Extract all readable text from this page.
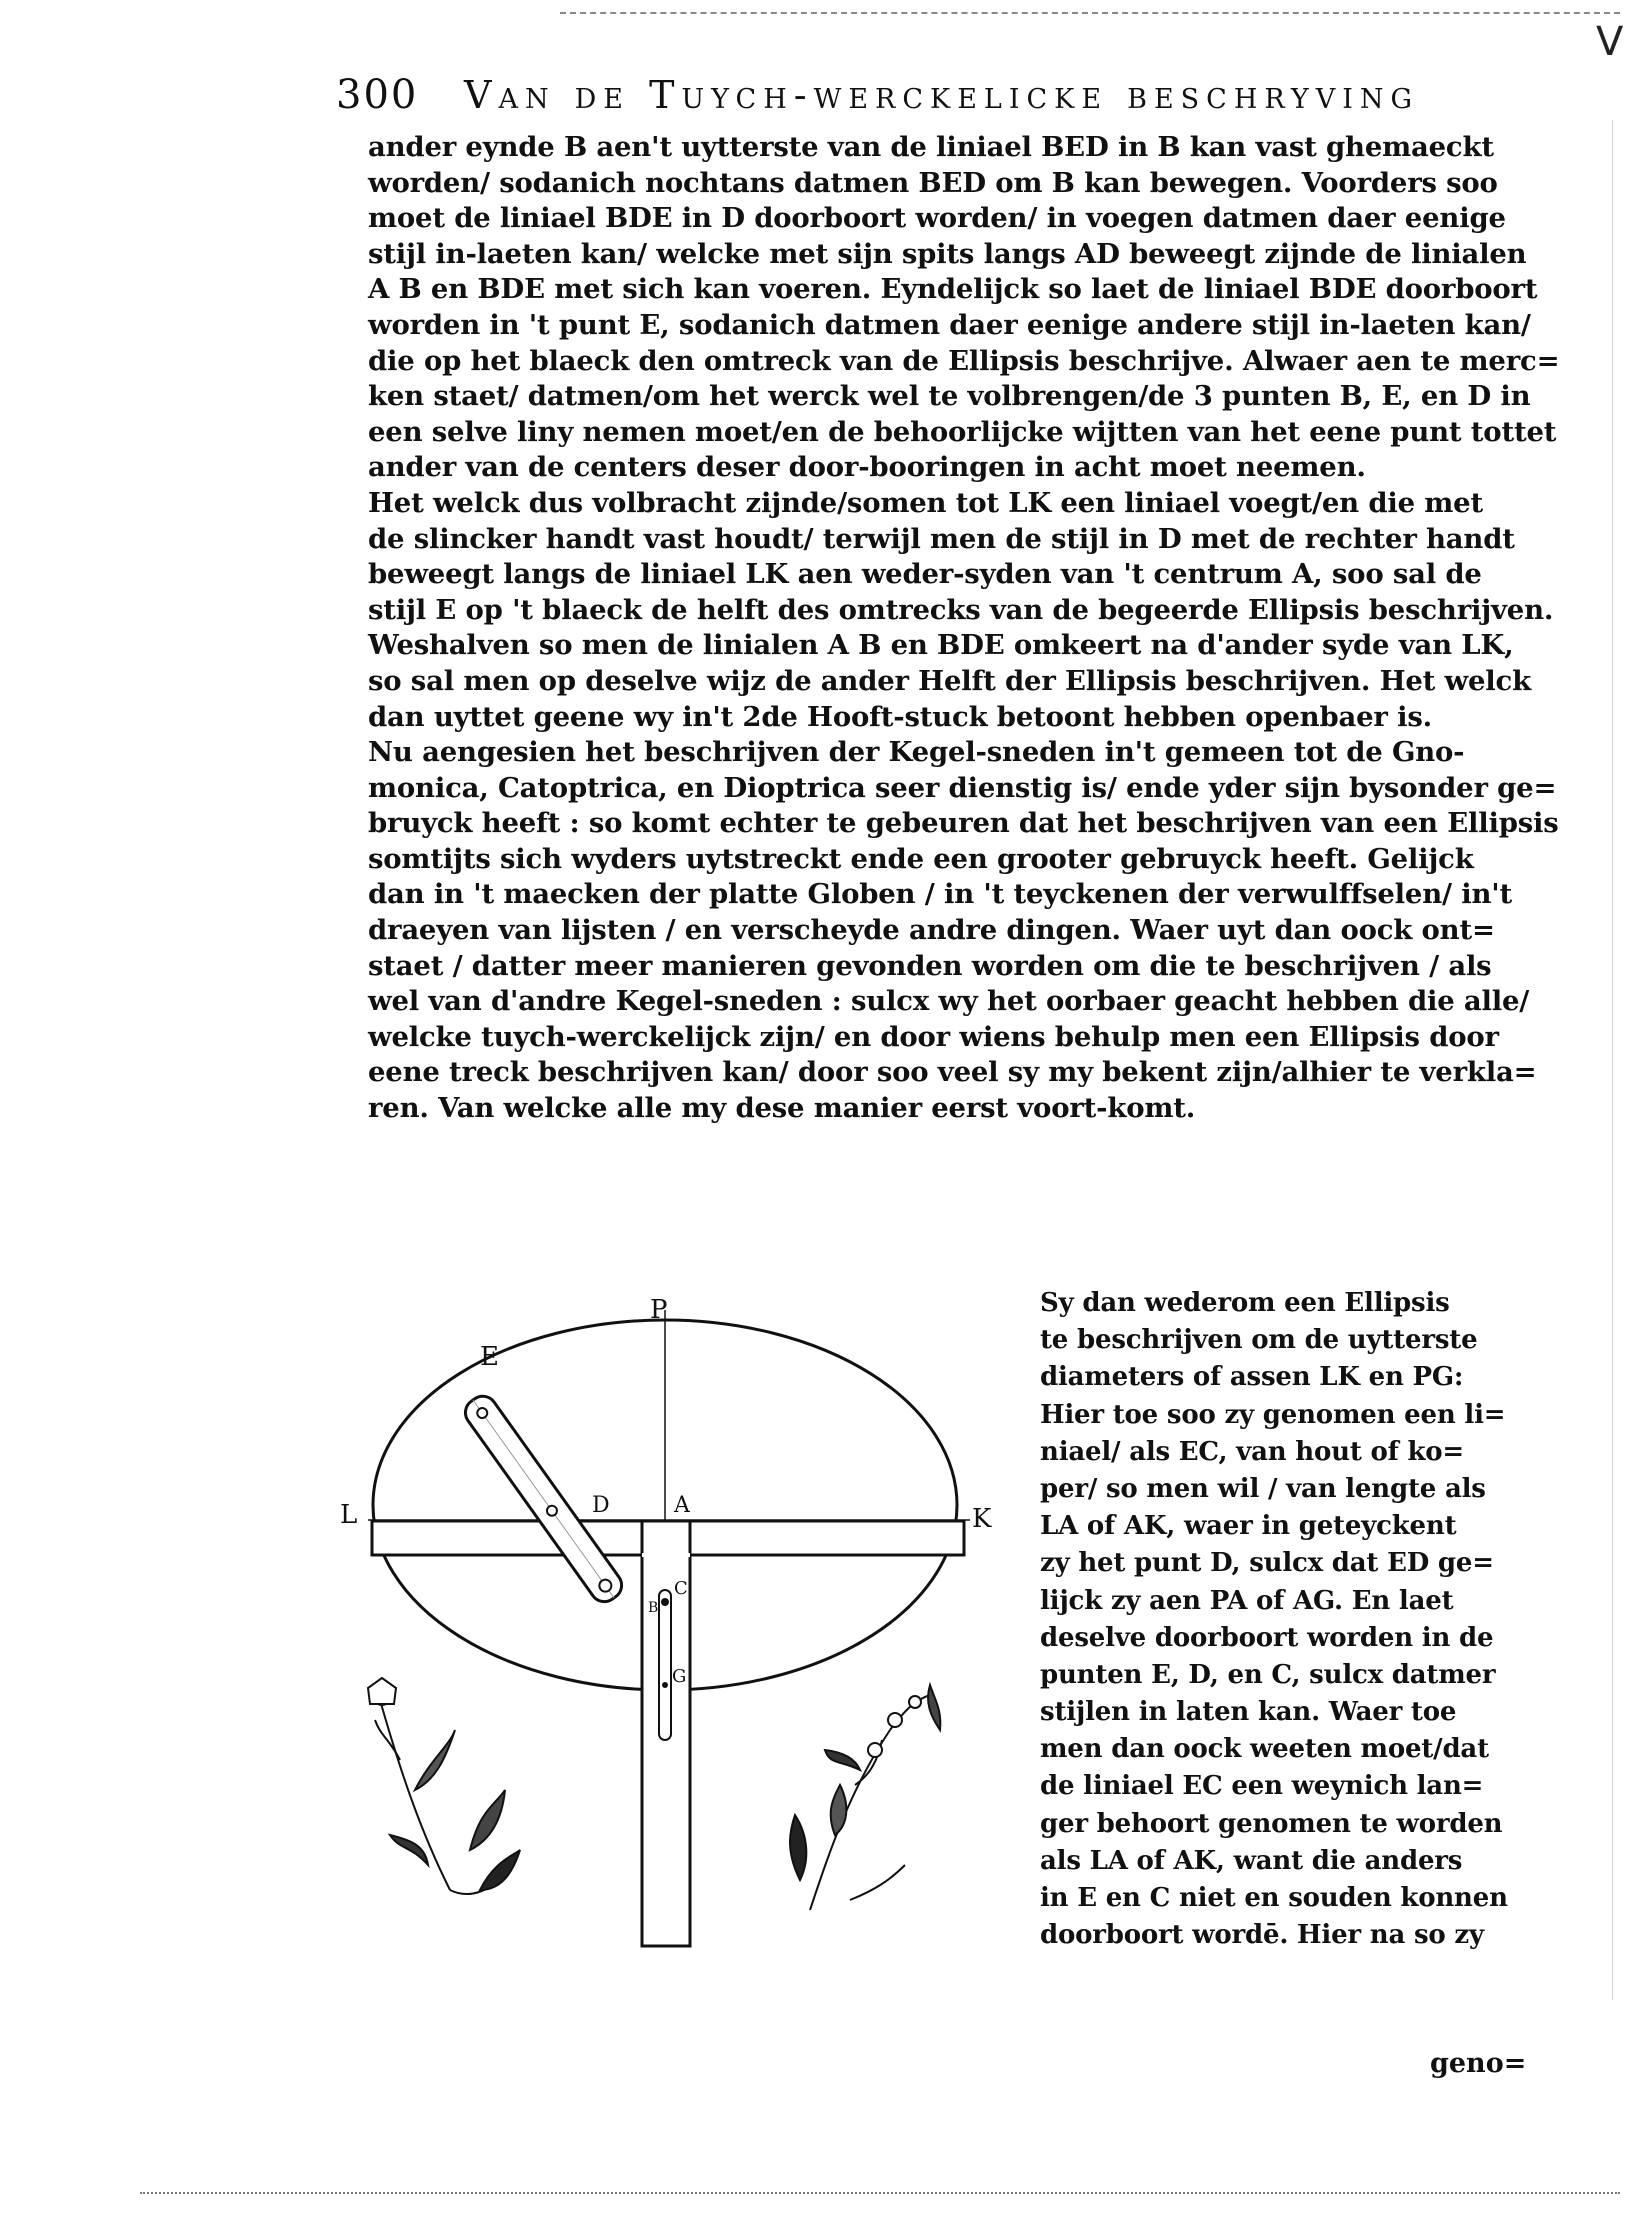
V
300 Van de Tuych-werckelicke beschryving
ander eynde B aen't uytterste van de liniael BED in B kan vast ghemaeckt
worden/ sodanich nochtans datmen BED om B kan bewegen. Voorders soo
moet de liniael BDE in D doorboort worden/ in voegen datmen daer eenige
stijl in-laeten kan/ welcke met sijn spits langs AD beweegt zijnde de linialen
A B en BDE met sich kan voeren. Eyndelijck so laet de liniael BDE doorboort
worden in 't punt E, sodanich datmen daer eenige andere stijl in-laeten kan/
die op het blaeck den omtreck van de Ellipsis beschrijve. Alwaer aen te merc=
ken staet/ datmen/om het werck wel te volbrengen/de 3 punten B, E, en D in
een selve liny nemen moet/en de behoorlijcke wijtten van het eene punt tottet
ander van de centers deser door-booringen in acht moet neemen.
Het welck dus volbracht zijnde/somen tot LK een liniael voegt/en die met
de slincker handt vast houdt/ terwijl men de stijl in D met de rechter handt
beweegt langs de liniael LK aen weder-syden van 't centrum A, soo sal de
stijl E op 't blaeck de helft des omtrecks van de begeerde Ellipsis beschrijven.
Weshalven so men de linialen A B en BDE omkeert na d'ander syde van LK,
so sal men op deselve wijz de ander Helft der Ellipsis beschrijven. Het welck
dan uyttet geene wy in't 2de Hooft-stuck betoont hebben openbaer is.
Nu aengesien het beschrijven der Kegel-sneden in't gemeen tot de Gno-
monica, Catoptrica, en Dioptrica seer dienstig is/ ende yder sijn bysonder ge=
bruyck heeft : so komt echter te gebeuren dat het beschrijven van een Ellipsis
somtijts sich wyders uytstreckt ende een grooter gebruyck heeft. Gelijck
dan in 't maecken der platte Globen / in 't teyckenen der verwulffselen/ in't
draeyen van lijsten / en verscheyde andre dingen. Waer uyt dan oock ont=
staet / datter meer manieren gevonden worden om die te beschrijven / als
wel van d'andre Kegel-sneden : sulcx wy het oorbaer geacht hebben die alle/
welcke tuych-werckelijck zijn/ en door wiens behulp men een Ellipsis door
eene treck beschrijven kan/ door soo veel sy my bekent zijn/alhier te verkla=
ren. Van welcke alle my dese manier eerst voort-komt.
P
E
L	K
D	A
C
G
B
Sy dan wederom een Ellipsis
te beschrijven om de uytterste
diameters of assen LK en PG:
Hier toe soo zy genomen een li=
niael/ als EC, van hout of ko=
per/ so men wil / van lengte als
LA of AK, waer in geteyckent
zy het punt D, sulcx dat ED ge=
lijck zy aen PA of AG. En laet
deselve doorboort worden in de
punten E, D, en C, sulcx datmer
stijlen in laten kan. Waer toe
men dan oock weeten moet/dat
de liniael EC een weynich lan=
ger behoort genomen te worden
als LA of AK, want die anders
in E en C niet en souden konnen
doorboort wordē. Hier na so zy
geno=
